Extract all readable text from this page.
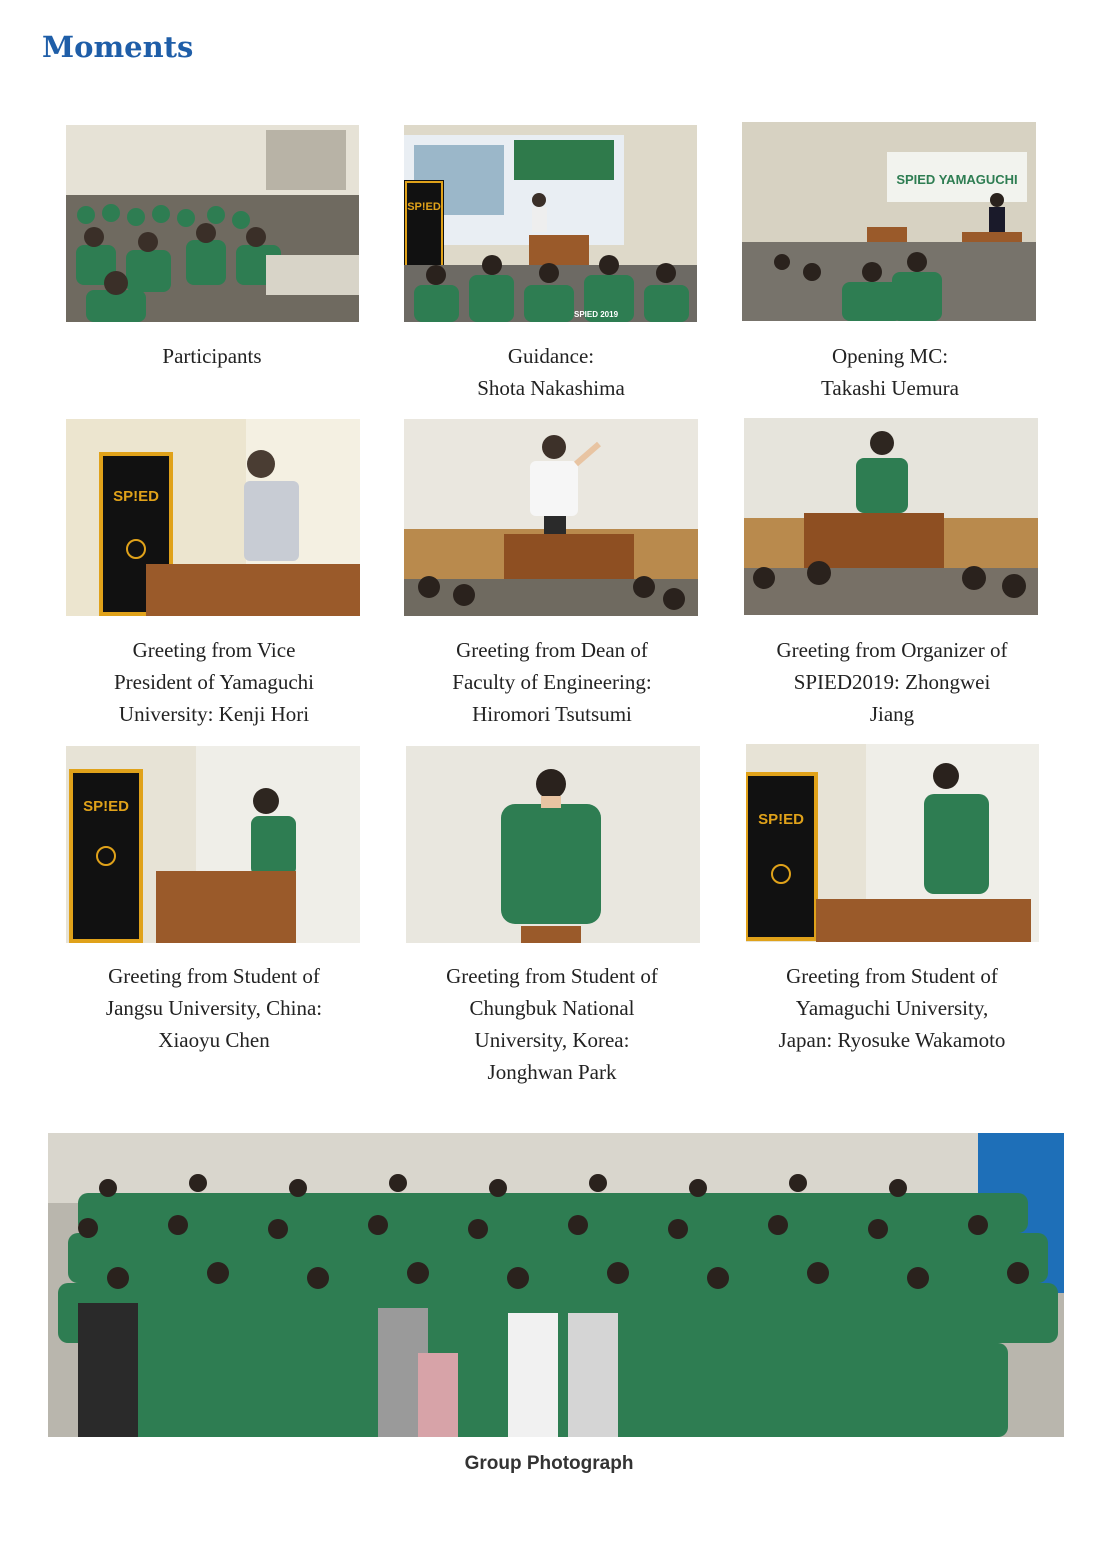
Moments
SP!ED
SPIED 2019
SPIED YAMAGUCHI
Participants	Guidance:
Shota Nakashima
Opening MC:
Takashi Uemura
SP!ED
Greeting from Vice
President of Yamaguchi
University: Kenji Hori
Greeting from Dean of
Faculty of Engineering:
Hiromori Tsutsumi
Greeting from Organizer of
SPIED2019: Zhongwei
Jiang
SP!ED
SP!ED
Greeting from Student of
Jangsu University, China:
Xiaoyu Chen
Greeting from Student of
Chungbuk National
University, Korea:
Jonghwan Park
Greeting from Student of
Yamaguchi University,
Japan: Ryosuke Wakamoto
Group Photograph
